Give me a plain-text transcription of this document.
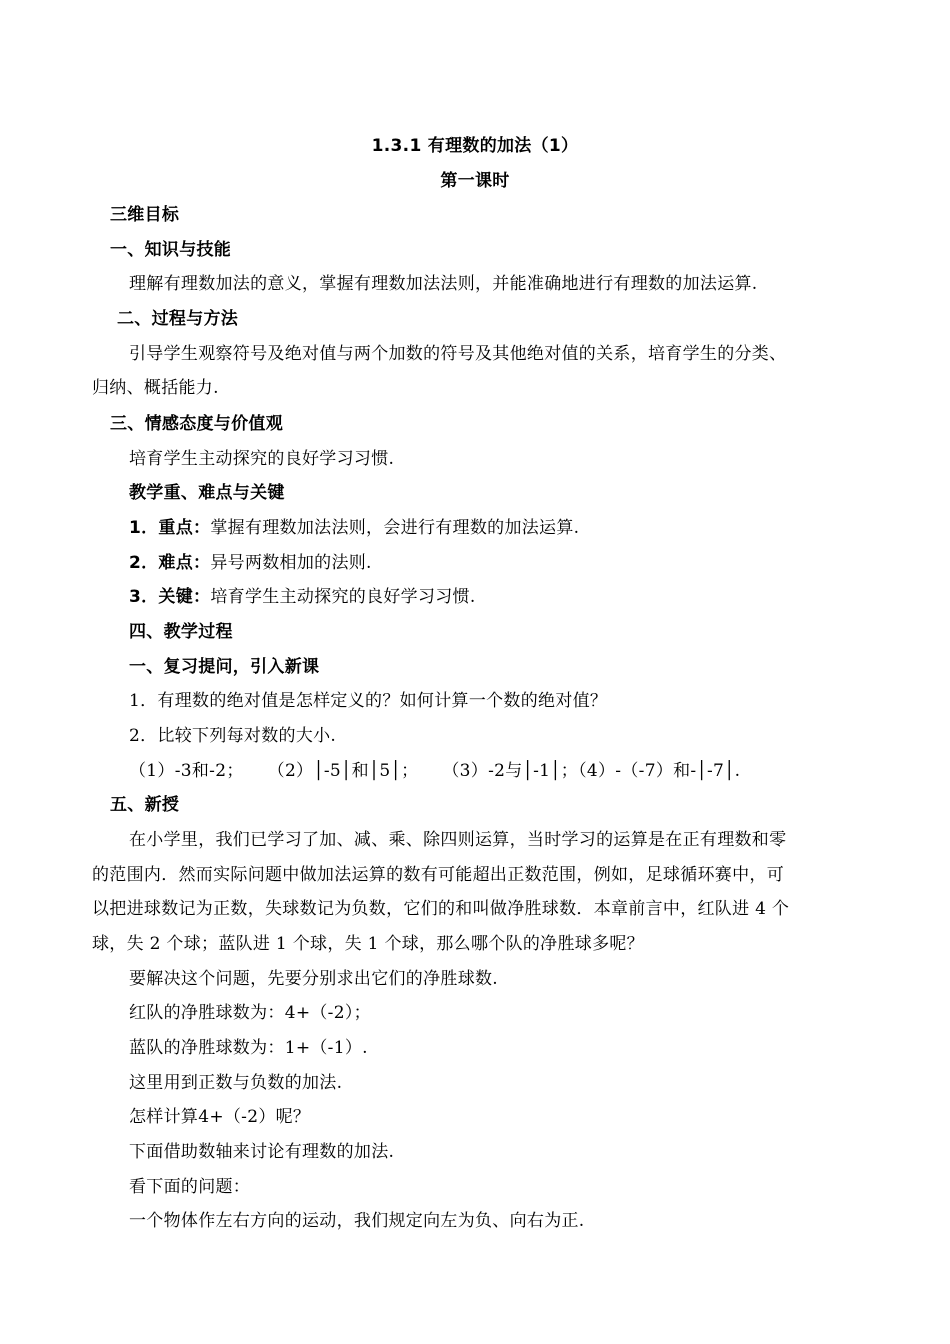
1.3.1 有理数的加法（1）
第一课时
三维目标
一、知识与技能
理解有理数加法的意义，掌握有理数加法法则，并能准确地进行有理数的加法运算.
二、过程与方法
引导学生观察符号及绝对值与两个加数的符号及其他绝对值的关系，培育学生的分类、
归纳、概括能力.
三、情感态度与价值观
培育学生主动探究的良好学习习惯.
教学重、难点与关键
1．重点：掌握有理数加法法则，会进行有理数的加法运算.
2．难点：异号两数相加的法则.
3．关键：培育学生主动探究的良好学习习惯.
四、教学过程
一、复习提问，引入新课
1．有理数的绝对值是怎样定义的？如何计算一个数的绝对值？
2．比较下列每对数的大小.
（1）-3和-2； （2）│-5│和│5│； （3）-2与│-1│；（4）-（-7）和-│-7│.
五、新授
在小学里，我们已学习了加、减、乘、除四则运算，当时学习的运算是在正有理数和零
的范围内．然而实际问题中做加法运算的数有可能超出正数范围，例如，足球循环赛中，可
以把进球数记为正数，失球数记为负数，它们的和叫做净胜球数．本章前言中，红队进 4 个
球，失 2 个球；蓝队进 1 个球，失 1 个球，那么哪个队的净胜球多呢？
要解决这个问题，先要分别求出它们的净胜球数.
红队的净胜球数为：4+（-2）；
蓝队的净胜球数为：1+（-1）.
这里用到正数与负数的加法.
怎样计算4+（-2）呢？
下面借助数轴来讨论有理数的加法.
看下面的问题：
一个物体作左右方向的运动，我们规定向左为负、向右为正.
